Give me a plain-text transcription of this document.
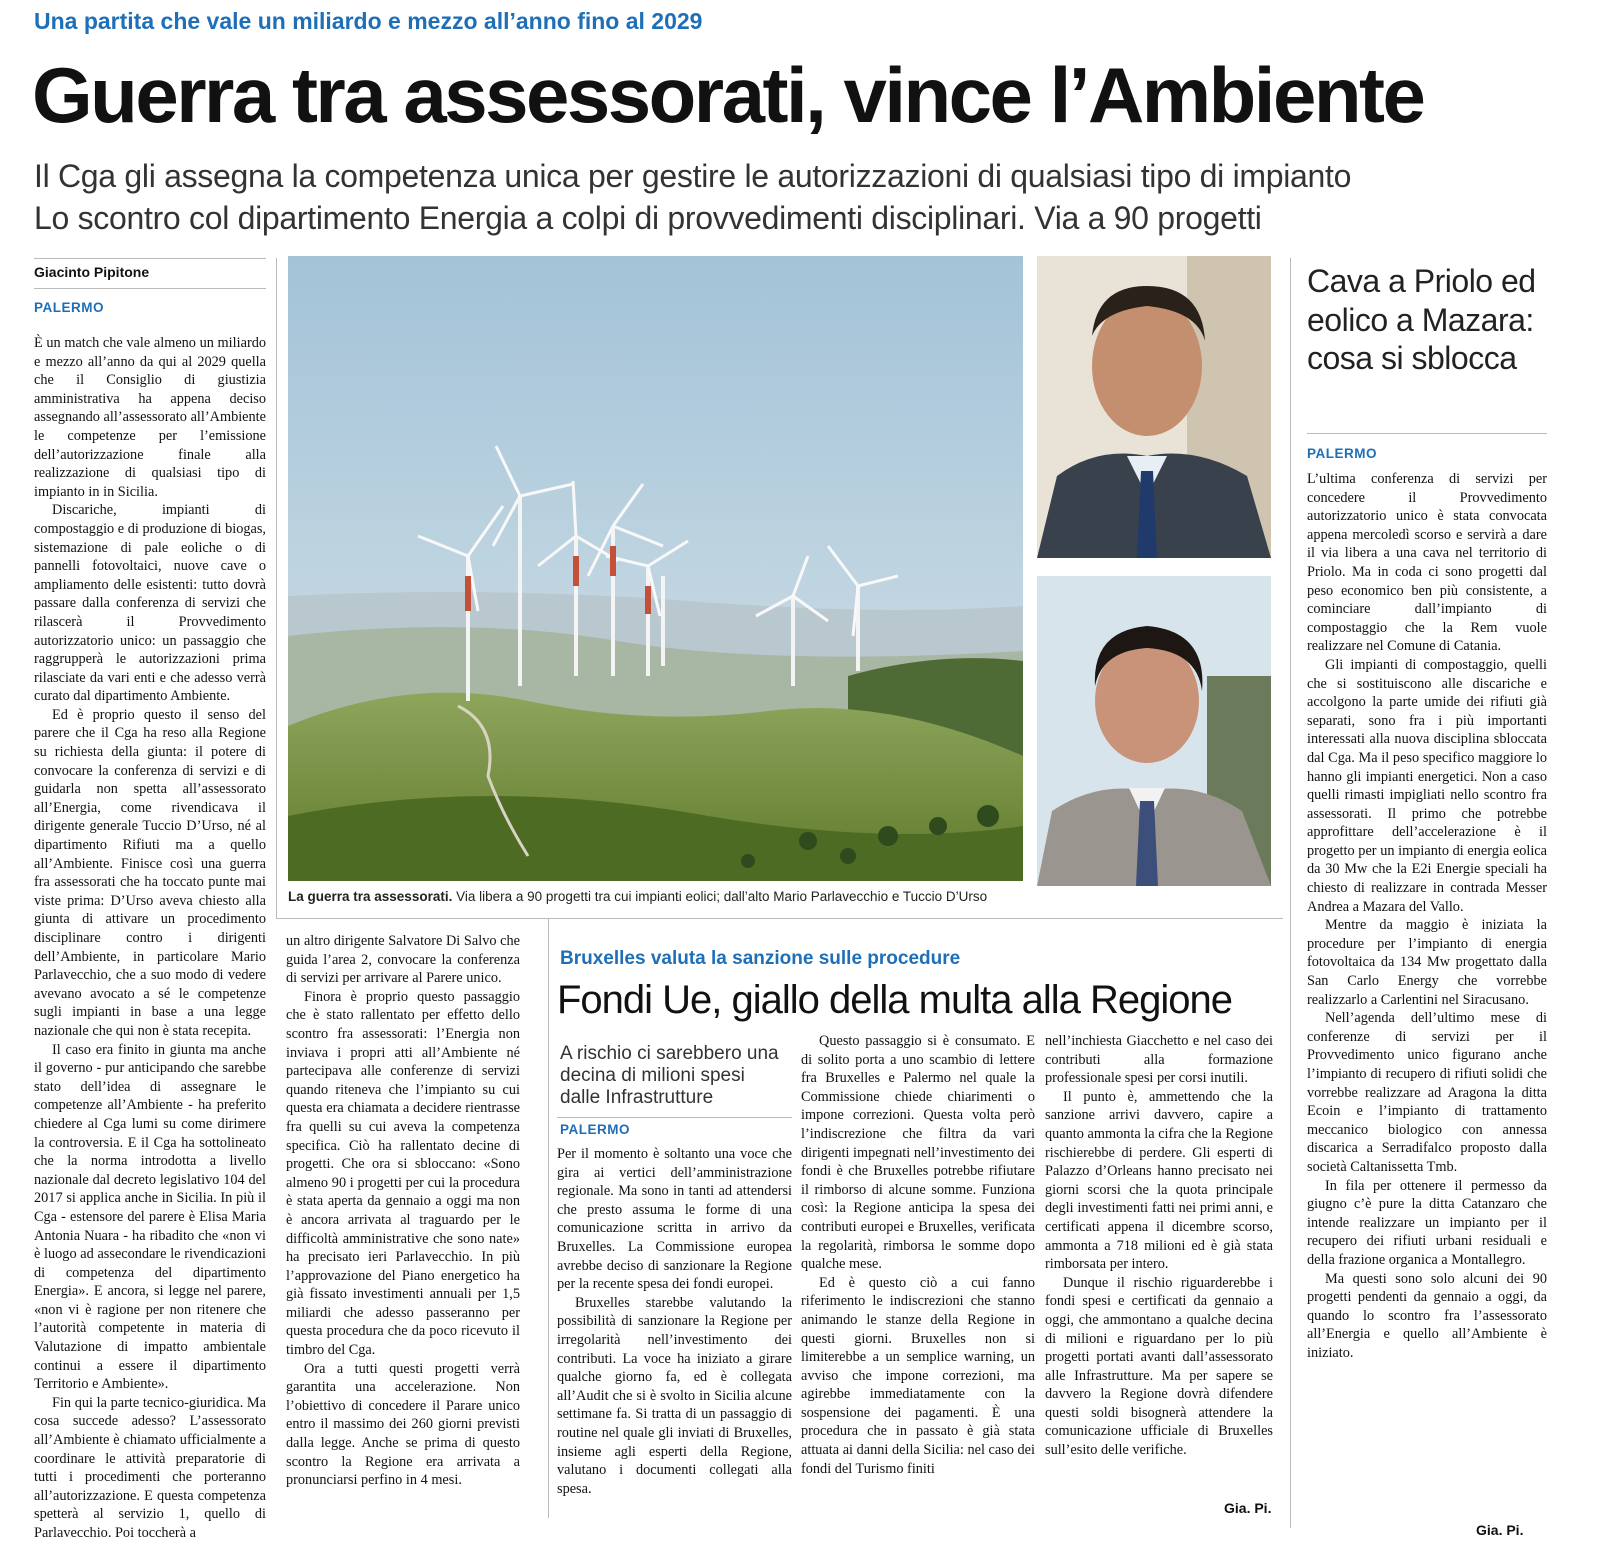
Una partita che vale un miliardo e mezzo all’anno fino al 2029
Guerra tra assessorati, vince l’Ambiente
Il Cga gli assegna la competenza unica per gestire le autorizzazioni di qualsiasi tipo di impianto
Lo scontro col dipartimento Energia a colpi di provvedimenti disciplinari. Via a 90 progetti
Giacinto Pipitone
PALERMO

È un match che vale almeno un miliardo e mezzo all’anno da qui al 2029 quella che il Consiglio di giustizia amministrativa ha appena deciso assegnando all’assessorato all’Ambiente le competenze per l’emissione dell’autorizzazione finale alla realizzazione di qualsiasi tipo di impianto in in Sicilia.

Discariche, impianti di compostaggio e di produzione di biogas, sistemazione di pale eoliche o di pannelli fotovoltaici, nuove cave o ampliamento delle esistenti: tutto dovrà passare dalla conferenza di servizi che rilascerà il Provvedimento autorizzatorio unico: un passaggio che raggrupperà le autorizzazioni prima rilasciate da vari enti e che adesso verrà curato dal dipartimento Ambiente.

Ed è proprio questo il senso del parere che il Cga ha reso alla Regione su richiesta della giunta: il potere di convocare la conferenza di servizi e di guidarla non spetta all’assessorato all’Energia, come rivendicava il dirigente generale Tuccio D’Urso, né al dipartimento Rifiuti ma a quello all’Ambiente. Finisce così una guerra fra assessorati che ha toccato punte mai viste prima: D’Urso aveva chiesto alla giunta di attivare un procedimento disciplinare contro i dirigenti dell’Ambiente, in particolare Mario Parlavecchio, che a suo modo di vedere avevano avocato a sé le competenze sugli impianti in base a una legge nazionale che qui non è stata recepita.

Il caso era finito in giunta ma anche il governo - pur anticipando che sarebbe stato dell’idea di assegnare le competenze all’Ambiente - ha preferito chiedere al Cga lumi su come dirimere la controversia. E il Cga ha sottolineato che la norma introdotta a livello nazionale dal decreto legislativo 104 del 2017 si applica anche in Sicilia. In più il Cga - estensore del parere è Elisa Maria Antonia Nuara - ha ribadito che «non vi è luogo ad assecondare le rivendicazioni di competenza del dipartimento Energia». E ancora, si legge nel parere, «non vi è ragione per non ritenere che l’autorità competente in materia di Valutazione di impatto ambientale continui a essere il dipartimento Territorio e Ambiente».

Fin qui la parte tecnico-giuridica. Ma cosa succede adesso? L’assessorato all’Ambiente è chiamato ufficialmente a coordinare le attività preparatorie di tutti i procedimenti che porteranno all’autorizzazione. E questa competenza spetterà al servizio 1, quello di Parlavecchio. Poi toccherà a

La guerra tra assessorati. Via libera a 90 progetti tra cui impianti eolici; dall’alto Mario Parlavecchio e Tuccio D’Urso

un altro dirigente Salvatore Di Salvo che guida l’area 2, convocare la conferenza di servizi per arrivare al Parere unico.

Finora è proprio questo passaggio che è stato rallentato per effetto dello scontro fra assessorati: l’Energia non inviava i propri atti all’Ambiente né partecipava alle conferenze di servizi quando riteneva che l’impianto su cui questa era chiamata a decidere rientrasse fra quelli su cui aveva la competenza specifica. Ciò ha rallentato decine di progetti. Che ora si sbloccano: «Sono almeno 90 i progetti per cui la procedura è stata aperta da gennaio a oggi ma non è ancora arrivata al traguardo per le difficoltà amministrative che sono nate» ha precisato ieri Parlavecchio. In più l’approvazione del Piano energetico ha già fissato investimenti annuali per 1,5 miliardi che adesso passeranno per questa procedura che da poco ricevuto il timbro del Cga.

Ora a tutti questi progetti verrà garantita una accelerazione. Non l’obiettivo di concedere il Parare unico entro il massimo dei 260 giorni previsti dalla legge. Anche se prima di questo scontro la Regione era arrivata a pronunciarsi perfino in 4 mesi.

Bruxelles valuta la sanzione sulle procedure
Fondi Ue, giallo della multa alla Regione
A rischio ci sarebbero una decina di milioni spesi dalle Infrastrutture
PALERMO

Per il momento è soltanto una voce che gira ai vertici dell’amministrazione regionale. Ma sono in tanti ad attendersi che presto assuma le forme di una comunicazione scritta in arrivo da Bruxelles. La Commissione europea avrebbe deciso di sanzionare la Regione per la recente spesa dei fondi europei.

Bruxelles starebbe valutando la possibilità di sanzionare la Regione per irregolarità nell’investimento dei contributi. La voce ha iniziato a girare qualche giorno fa, ed è collegata all’Audit che si è svolto in Sicilia alcune settimane fa. Si tratta di un passaggio di routine nel quale gli inviati di Bruxelles, insieme agli esperti della Regione, valutano i documenti collegati alla spesa.

Questo passaggio si è consumato. E di solito porta a uno scambio di lettere fra Bruxelles e Palermo nel quale la Commissione chiede chiarimenti o impone correzioni. Questa volta però l’indiscrezione che filtra da vari dirigenti impegnati nell’investimento dei fondi è che Bruxelles potrebbe rifiutare il rimborso di alcune somme. Funziona così: la Regione anticipa la spesa dei contributi europei e Bruxelles, verificata la regolarità, rimborsa le somme dopo qualche mese.

Ed è questo ciò a cui fanno riferimento le indiscrezioni che stanno animando le stanze della Regione in questi giorni. Bruxelles non si limiterebbe a un semplice warning, un avviso che impone correzioni, ma agirebbe immediatamente con la sospensione dei pagamenti. È una procedura che in passato è già stata attuata ai danni della Sicilia: nel caso dei fondi del Turismo finiti

nell’inchiesta Giacchetto e nel caso dei contributi alla formazione professionale spesi per corsi inutili.

Il punto è, ammettendo che la sanzione arrivi davvero, capire a quanto ammonta la cifra che la Regione rischierebbe di perdere. Gli esperti di Palazzo d’Orleans hanno precisato nei giorni scorsi che la quota principale degli investimenti fatti nei primi anni, e certificati appena il dicembre scorso, ammonta a 718 milioni ed è già stata rimborsata per intero.

Dunque il rischio riguarderebbe i fondi spesi e certificati da gennaio a oggi, che ammontano a qualche decina di milioni e riguardano per lo più progetti portati avanti dall’assessorato alle Infrastrutture. Ma per sapere se davvero la Regione dovrà difendere questi soldi bisognerà attendere la comunicazione ufficiale di Bruxelles sull’esito delle verifiche.

Gia. Pi.
Cava a Priolo ed eolico a Mazara: cosa si sblocca
PALERMO

L’ultima conferenza di servizi per concedere il Provvedimento autorizzatorio unico è stata convocata appena mercoledì scorso e servirà a dare il via libera a una cava nel territorio di Priolo. Ma in coda ci sono progetti dal peso economico ben più consistente, a cominciare dall’impianto di compostaggio che la Rem vuole realizzare nel Comune di Catania.

Gli impianti di compostaggio, quelli che si sostituiscono alle discariche e accolgono la parte umide dei rifiuti già separati, sono fra i più importanti interessati alla nuova disciplina sbloccata dal Cga. Ma il peso specifico maggiore lo hanno gli impianti energetici. Non a caso quelli rimasti impigliati nello scontro fra assessorati. Il primo che potrebbe approfittare dell’accelerazione è il progetto per un impianto di energia eolica da 30 Mw che la E2i Energie speciali ha chiesto di realizzare in contrada Messer Andrea a Mazara del Vallo.

Mentre da maggio è iniziata la procedure per l’impianto di energia fotovoltaica da 134 Mw progettato dalla San Carlo Energy che vorrebbe realizzarlo a Carlentini nel Siracusano.

Nell’agenda dell’ultimo mese di conferenze di servizi per il Provvedimento unico figurano anche l’impianto di recupero di rifiuti solidi che vorrebbe realizzare ad Aragona la ditta Ecoin e l’impianto di trattamento meccanico biologico con annessa discarica a Serradifalco proposto dalla società Caltanissetta Tmb.

In fila per ottenere il permesso da giugno c’è pure la ditta Catanzaro che intende realizzare un impianto per il recupero dei rifiuti urbani residuali e della frazione organica a Montallegro.

Ma questi sono solo alcuni dei 90 progetti pendenti da gennaio a oggi, da quando lo scontro fra l’assessorato all’Energia e quello all’Ambiente è iniziato.

Gia. Pi.
